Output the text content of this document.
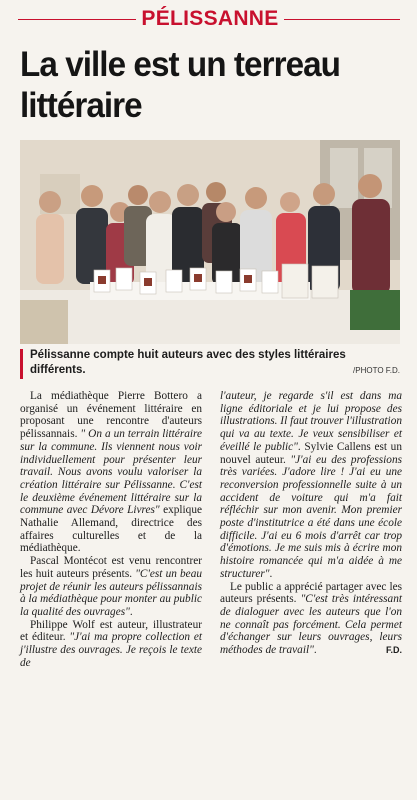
PÉLISSANNE
La ville est un terreau littéraire
Pélissanne compte huit auteurs avec des styles littéraires différents.	/PHOTO F.D.

La médiathèque Pierre Bottero a organisé un événement littéraire en proposant une rencontre d'auteurs pélissannais. " On a un terrain littéraire sur la commune. Ils viennent nous voir individuellement pour présenter leur travail. Nous avons voulu valoriser la création littéraire sur Pélissanne. C'est le deuxième événement littéraire sur la commune avec Dévore Livres" explique Nathalie Allemand, directrice des affaires culturelles et de la médiathèque.

Pascal Montécot est venu rencontrer les huit auteurs présents. "C'est un beau projet de réunir les auteurs pélissannais à la médiathèque pour monter au public la qualité des ouvrages".

Philippe Wolf est auteur, illustrateur et éditeur. "J'ai ma propre collection et j'illustre des ouvrages. Je reçois le texte de

l'auteur, je regarde s'il est dans ma ligne éditoriale et je lui propose des illustrations. Il faut trouver l'illustration qui va au texte. Je veux sensibiliser et éveillé le public". Sylvie Callens est un nouvel auteur. "J'ai eu des professions très variées. J'adore lire ! J'ai eu une reconversion professionnelle suite à un accident de voiture qui m'a fait réfléchir sur mon avenir. Mon premier poste d'institutrice a été dans une école difficile. J'ai eu 6 mois d'arrêt car trop d'émotions. Je me suis mis à écrire mon histoire romancée qui m'a aidée à me structurer".

Le public a apprécié partager avec les auteurs présents. "C'est très intéressant de dialoguer avec les auteurs que l'on ne connaît pas forcément. Cela permet d'échanger sur leurs ouvrages, leurs méthodes de travail".	F.D.
